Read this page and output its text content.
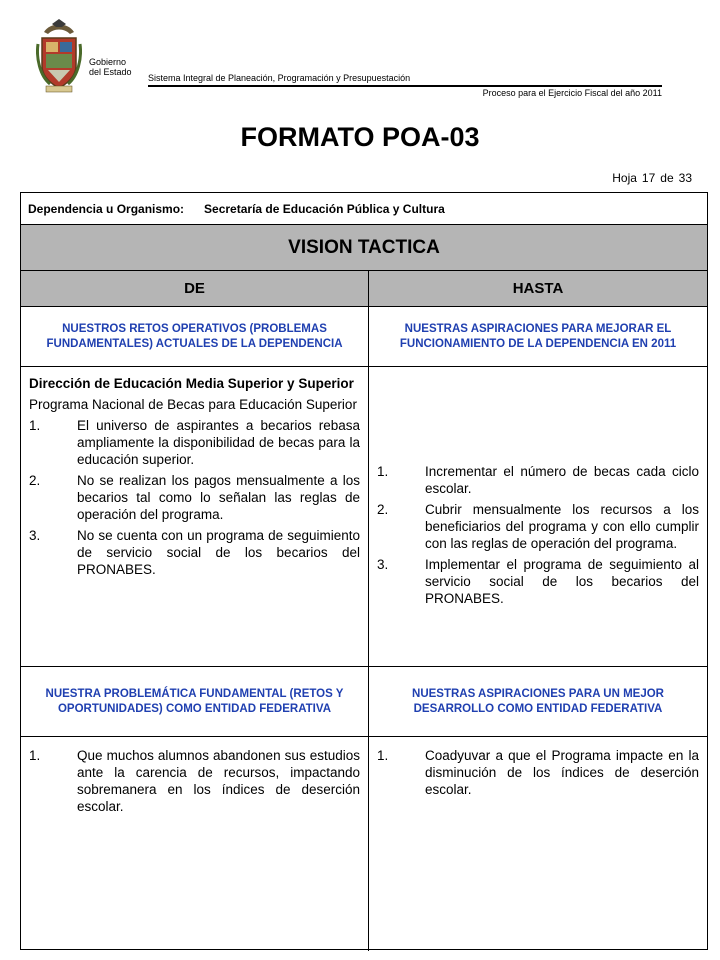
Gobierno
del Estado
Sistema Integral de Planeación, Programación y Presupuestación
Proceso para el Ejercicio Fiscal del año 2011
FORMATO POA-03
Hoja 17 de 33
Dependencia u Organismo: Secretaría de Educación Pública y Cultura
VISION TACTICA
DE	HASTA
NUESTROS RETOS OPERATIVOS (PROBLEMAS FUNDAMENTALES) ACTUALES DE LA DEPENDENCIA
NUESTRAS ASPIRACIONES PARA MEJORAR EL FUNCIONAMIENTO DE LA DEPENDENCIA EN 2011
Dirección de Educación Media Superior y Superior
Programa Nacional de Becas para Educación Superior
1.	El universo de aspirantes a becarios rebasa ampliamente la disponibilidad de becas para la educación superior.
2.	No se realizan los pagos mensualmente a los becarios tal como lo señalan las reglas de operación del programa.
3.	No se cuenta con un programa de seguimiento de servicio social de los becarios del PRONABES.
1.	Incrementar el número de becas cada ciclo escolar.
2.	Cubrir mensualmente los recursos a los beneficiarios del programa y con ello cumplir con las reglas de operación del programa.
3.	Implementar el programa de seguimiento al servicio social de los becarios del PRONABES.
NUESTRA PROBLEMÁTICA FUNDAMENTAL (RETOS Y OPORTUNIDADES) COMO ENTIDAD FEDERATIVA
NUESTRAS ASPIRACIONES PARA UN MEJOR DESARROLLO COMO ENTIDAD FEDERATIVA
1.	Que muchos alumnos abandonen sus estudios ante la carencia de recursos, impactando sobremanera en los índices de deserción escolar.
1.	Coadyuvar a que el Programa impacte en la disminución de los índices de deserción escolar.
